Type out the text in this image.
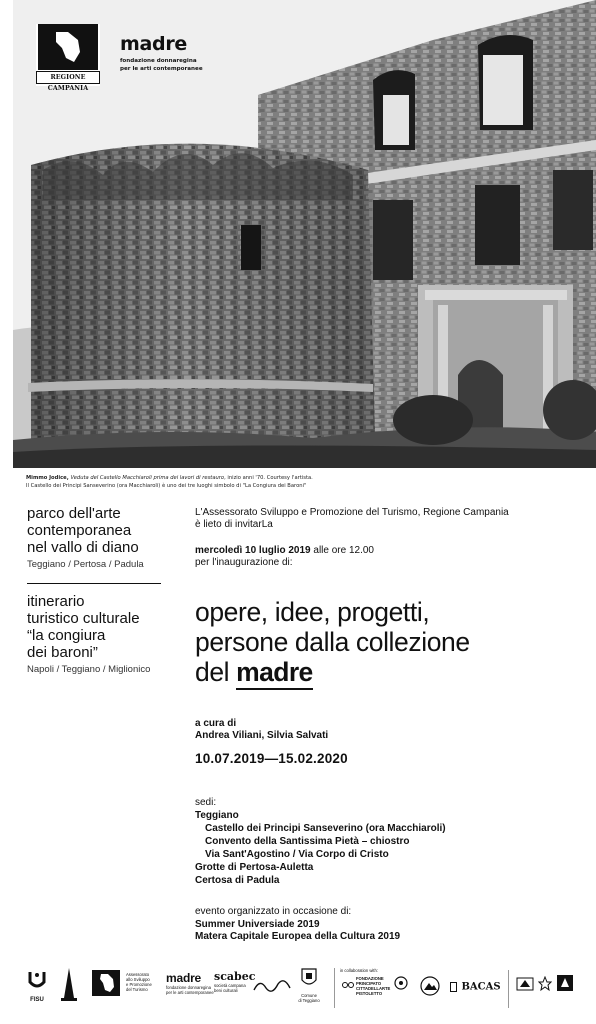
REGIONE CAMPANIA
madre
fondazione donnaregina
per le arti contemporanee
Mimmo Jodice, Veduta del Castello Macchiaroli prima dei lavori di restauro, inizio anni '70. Courtesy l'artista.
Il Castello dei Principi Sanseverino (ora Macchiaroli) è uno dei tre luoghi simbolo di "La Congiura dei Baroni"
parco dell'arte
contemporanea
nel vallo di diano
Teggiano / Pertosa / Padula
itinerario
turistico culturale
“la congiura
dei baroni”
Napoli / Teggiano / Miglionico
L'Assessorato Sviluppo e Promozione del Turismo, Regione Campania
è lieto di invitarLa
mercoledì 10 luglio 2019 alle ore 12.00
per l'inaugurazione di:
opere, idee, progetti,
persone dalla collezione
del madre
a cura di
Andrea Viliani, Silvia Salvati
10.07.2019—15.02.2020
sedi:
Teggiano
Castello dei Principi Sanseverino (ora Macchiaroli)
Convento della Santissima Pietà – chiostro
Via Sant'Agostino / Via Corpo di Cristo
Grotte di Pertosa-Auletta
Certosa di Padula
evento organizzato in occasione di:
Summer Universiade 2019
Matera Capitale Europea della Cultura 2019
FISU
Assessorato
allo Sviluppo
e Promozione
del Turismo
madre
fondazione donnaregina per le arti contemporanee
scabec
società campana
beni culturali
Comune
di Teggiano
in collaboration with:
FONDAZIONE
PRINCIPATO
CITTADELLARTE
PISTOLETTO
BACAS
